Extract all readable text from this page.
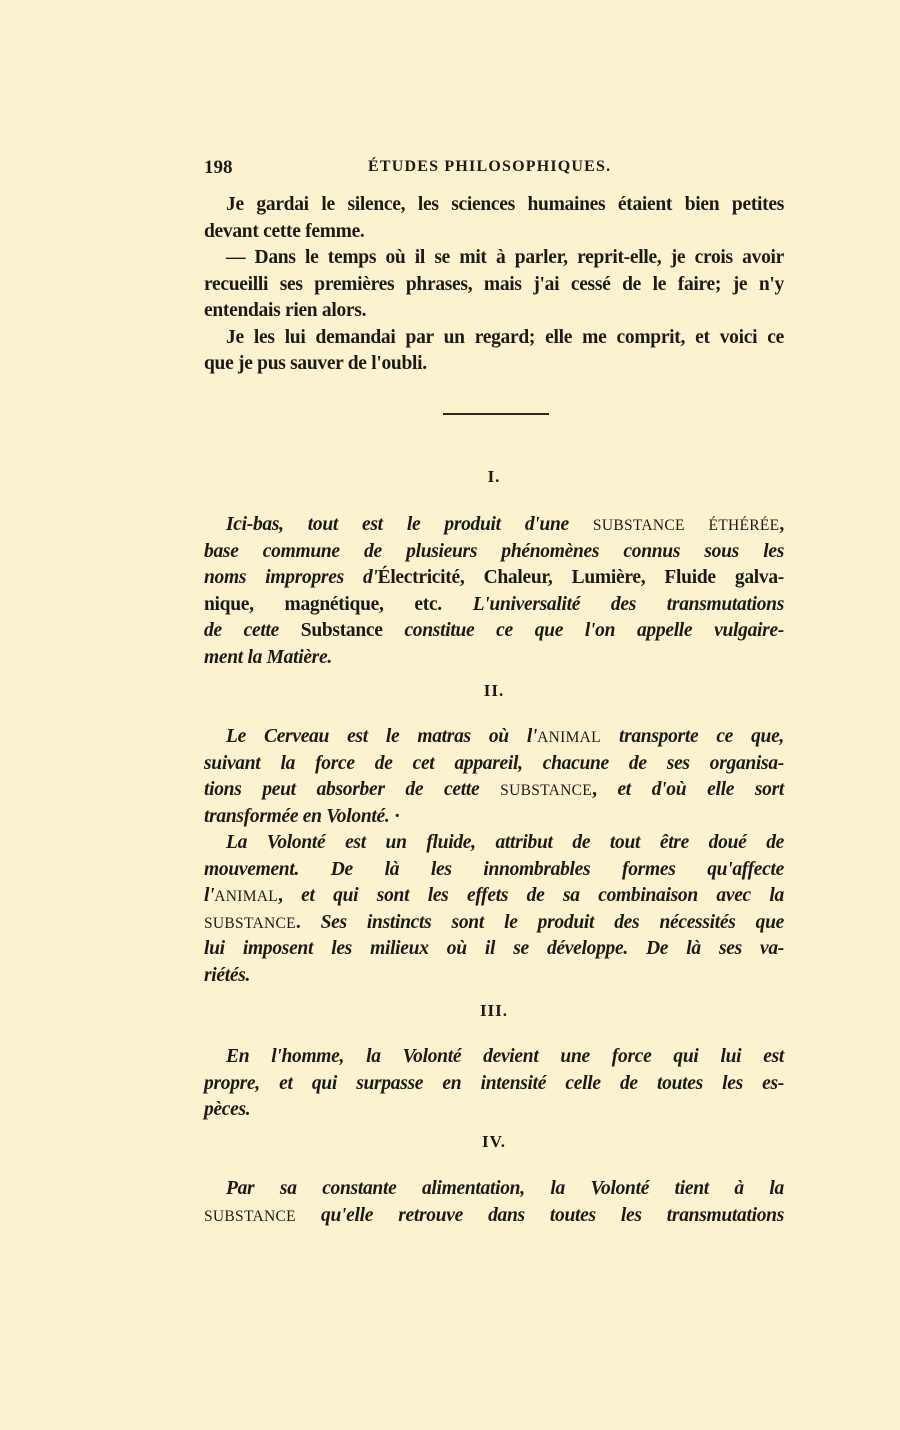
198	ÉTUDES PHILOSOPHIQUES.
Je gardai le silence, les sciences humaines étaient bien petites
devant cette femme.
— Dans le temps où il se mit à parler, reprit-elle, je crois avoir
recueilli ses premières phrases, mais j'ai cessé de le faire; je n'y
entendais rien alors.
Je les lui demandai par un regard; elle me comprit, et voici ce
que je pus sauver de l'oubli.
I.
Ici-bas, tout est le produit d'une SUBSTANCE ÉTHÉRÉE,
base commune de plusieurs phénomènes connus sous les
noms impropres d'Électricité, Chaleur, Lumière, Fluide galva-
nique, magnétique, etc. L'universalité des transmutations
de cette Substance constitue ce que l'on appelle vulgaire-
ment la Matière.
II.
Le Cerveau est le matras où l'ANIMAL transporte ce que,
suivant la force de cet appareil, chacune de ses organisa-
tions peut absorber de cette SUBSTANCE, et d'où elle sort
transformée en Volonté. ·
La Volonté est un fluide, attribut de tout être doué de
mouvement. De là les innombrables formes qu'affecte
l'ANIMAL, et qui sont les effets de sa combinaison avec la
SUBSTANCE. Ses instincts sont le produit des nécessités que
lui imposent les milieux où il se développe. De là ses va-
riétés.
III.
En l'homme, la Volonté devient une force qui lui est
propre, et qui surpasse en intensité celle de toutes les es-
pèces.
IV.
Par sa constante alimentation, la Volonté tient à la
SUBSTANCE qu'elle retrouve dans toutes les transmutations
